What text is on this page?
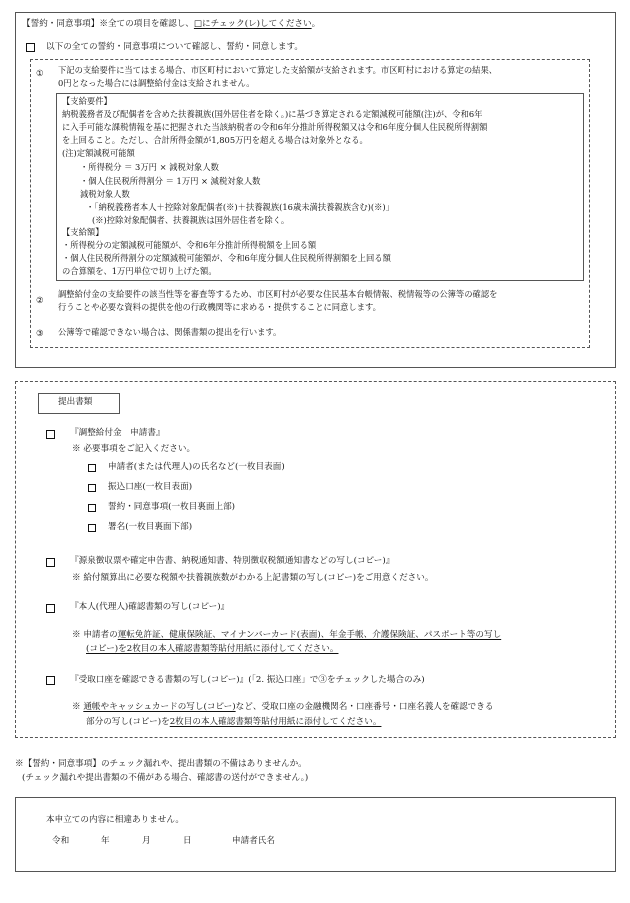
【誓約・同意事項】※全ての項目を確認し、□にチェック(レ)してください。
以下の全ての誓約・同意事項について確認し、誓約・同意します。
① 下記の支給要件に当てはまる場合、市区町村において算定した支給額が支給されます。市区町村における算定の結果、
0円となった場合には調整給付金は支給されません。
【支給要件】
納税義務者及び配偶者を含めた扶養親族(国外居住者を除く。)に基づき算定される定額減税可能額(注)が、令和6年
に入手可能な課税情報を基に把握された当該納税者の令和6年分推計所得税額又は令和6年度分個人住民税所得割額
を上回ること。ただし、合計所得金額が1,805万円を超える場合は対象外となる。
(注)定額減税可能額
・所得税分 ＝ 3万円 × 減税対象人数
・個人住民税所得割分 ＝ 1万円 × 減税対象人数
減税対象人数
・「納税義務者本人＋控除対象配偶者(※)＋扶養親族(16歳未満扶養親族含む)(※)」
(※)控除対象配偶者、扶養親族は国外居住者を除く。
【支給額】
・所得税分の定額減税可能額が、令和6年分推計所得税額を上回る額
・個人住民税所得割分の定額減税可能額が、令和6年度分個人住民税所得割額を上回る額
の合算額を、1万円単位で切り上げた額。
②
調整給付金の支給要件の該当性等を審査等するため、市区町村が必要な住民基本台帳情報、税情報等の公簿等の確認を
行うことや必要な資料の提供を他の行政機関等に求める・提供することに同意します。
③ 公簿等で確認できない場合は、関係書類の提出を行います。
提出書類
『調整給付金　申請書』
※ 必要事項をご記入ください。
申請者(または代理人)の氏名など(一枚目表面)
振込口座(一枚目表面)
誓約・同意事項(一枚目裏面上部)
署名(一枚目裏面下部)
『源泉徴収票や確定申告書、納税通知書、特別徴収税額通知書などの写し(コピー)』
※ 給付額算出に必要な税額や扶養親族数がわかる上記書類の写し(コピー)をご用意ください。
『本人(代理人)確認書類の写し(コピー)』
※ 申請者の運転免許証、健康保険証、マイナンバーカード(表面)、年金手帳、介護保険証、パスポート等の写し
(コピー)を2枚目の本人確認書類等貼付用紙に添付してください。
『受取口座を確認できる書類の写し(コピー)』(「2. 振込口座」で③をチェックした場合のみ)
※ 通帳やキャッシュカードの写し(コピー)など、受取口座の金融機関名・口座番号・口座名義人を確認できる
部分の写し(コピー)を2枚目の本人確認書類等貼付用紙に添付してください。
※【誓約・同意事項】のチェック漏れや、提出書類の不備はありませんか。
(チェック漏れや提出書類の不備がある場合、確認書の送付ができません。)
本申立ての内容に相違ありません。
令和	年	月	日	申請者氏名
